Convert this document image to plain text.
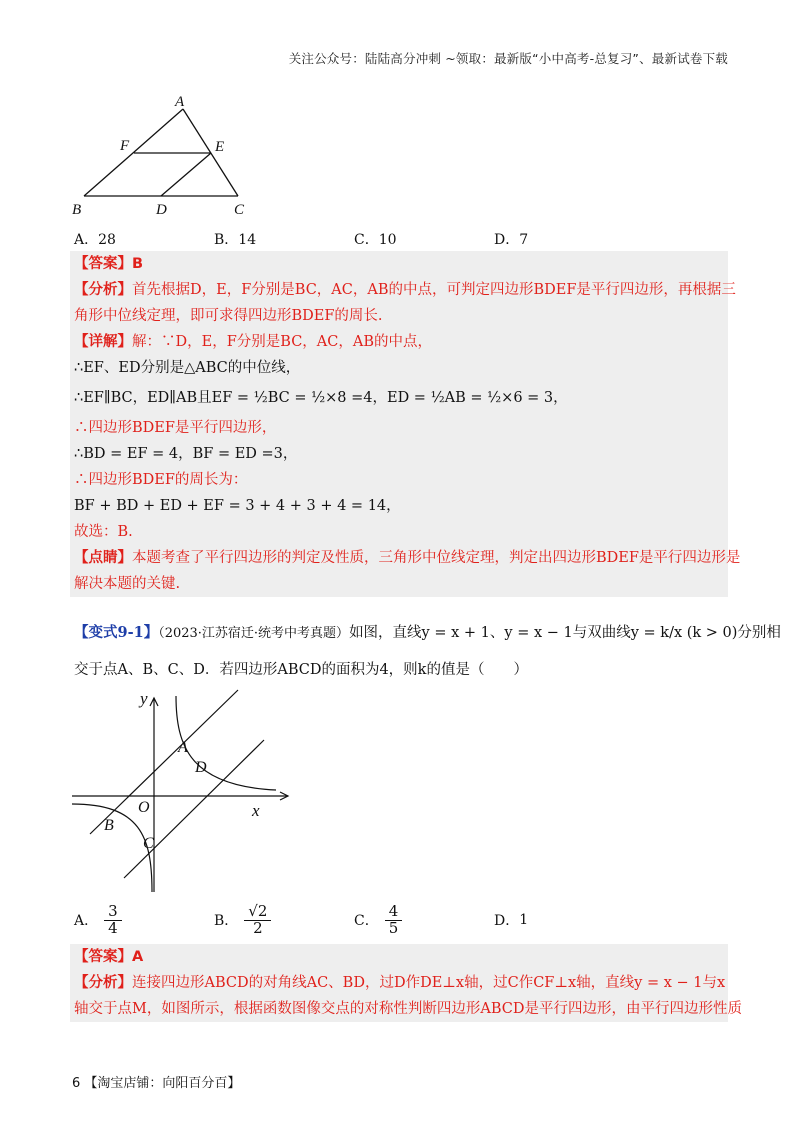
关注公众号：陆陆高分冲刺 ~领取：最新版“小中高考-总复习”、最新试卷下载
A
F	E
B	D	C
A．28	B．14	C．10	D．7
【答案】B
【分析】首先根据D，E，F分别是BC，AC，AB的中点，可判定四边形BDEF是平行四边形，再根据三
角形中位线定理，即可求得四边形BDEF的周长.
【详解】解：∵D，E，F分别是BC，AC，AB的中点，
∴EF、ED分别是△ABC的中位线，
∴EF∥BC，ED∥AB且EF = ½BC = ½×8 =4，ED = ½AB = ½×6 = 3，
∴四边形BDEF是平行四边形，
∴BD = EF = 4，BF = ED =3，
∴四边形BDEF的周长为：
BF + BD + ED + EF = 3 + 4 + 3 + 4 = 14，
故选：B.
【点睛】本题考查了平行四边形的判定及性质，三角形中位线定理，判定出四边形BDEF是平行四边形是
解决本题的关键.
【变式9-1】（2023·江苏宿迁·统考中考真题）如图，直线y = x + 1、y = x − 1与双曲线y = k/x (k > 0)分别相
交于点A、B、C、D．若四边形ABCD的面积为4，则k的值是（　　）
y
x
O
A
D
B
C
A． $\frac{3}{4}$	B． $\frac{√2}{2}$	C． $\frac{4}{5}$	D． 1
【答案】A
【分析】连接四边形ABCD的对角线AC、BD，过D作DE⊥x轴，过C作CF⊥x轴，直线y = x − 1与x
轴交于点M，如图所示，根据函数图像交点的对称性判断四边形ABCD是平行四边形，由平行四边形性质
6 【淘宝店铺：向阳百分百】
